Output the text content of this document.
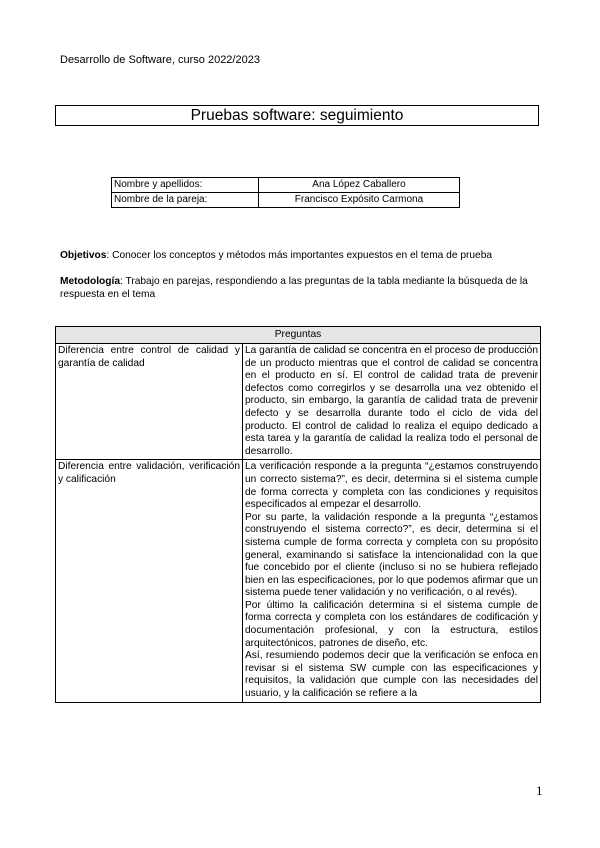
Desarrollo de Software, curso 2022/2023
Pruebas software: seguimiento
Nombre y apellidos:	Ana López Caballero
Nombre de la pareja:	Francisco Expósito Carmona
Objetivos: Conocer los conceptos y métodos más importantes expuestos en el tema de prueba
Metodología: Trabajo en parejas, respondiendo a las preguntas de la tabla mediante la búsqueda de la respuesta en el tema
Preguntas	
Diferencia entre control de calidad y garantía de calidad	La garantía de calidad se concentra en el proceso de producción de un producto mientras que el control de calidad se concentra en el producto en sí. El control de calidad trata de prevenir defectos como corregirlos y se desarrolla una vez obtenido el producto, sin embargo, la garantía de calidad trata de prevenir defecto y se desarrolla durante todo el ciclo de vida del producto. El control de calidad lo realiza el equipo dedicado a esta tarea y la garantía de calidad la realiza todo el personal de desarrollo.

Diferencia entre validación, verificación y calificación	La verificación responde a la pregunta “¿estamos construyendo un correcto sistema?”, es decir, determina si el sistema cumple de forma correcta y completa con las condiciones y requisitos especificados al empezar el desarrollo.

Por su parte, la validación responde a la pregunta “¿estamos construyendo el sistema correcto?”, es decir, determina si el sistema cumple de forma correcta y completa con su propósito general, examinando si satisface la intencionalidad con la que fue concebido por el cliente (incluso si no se hubiera reflejado bien en las especificaciones, por lo que podemos afirmar que un sistema puede tener validación y no verificación, o al revés).

Por último la calificación determina si el sistema cumple de forma correcta y completa con los estándares de codificación y documentación profesional, y con la estructura, estilos arquitectónicos, patrones de diseño, etc.

Así, resumiendo podemos decir que la verificación se enfoca en revisar si el sistema SW cumple con las especificaciones y requisitos, la validación que cumple con las necesidades del usuario, y la calificación se refiere a la

1
